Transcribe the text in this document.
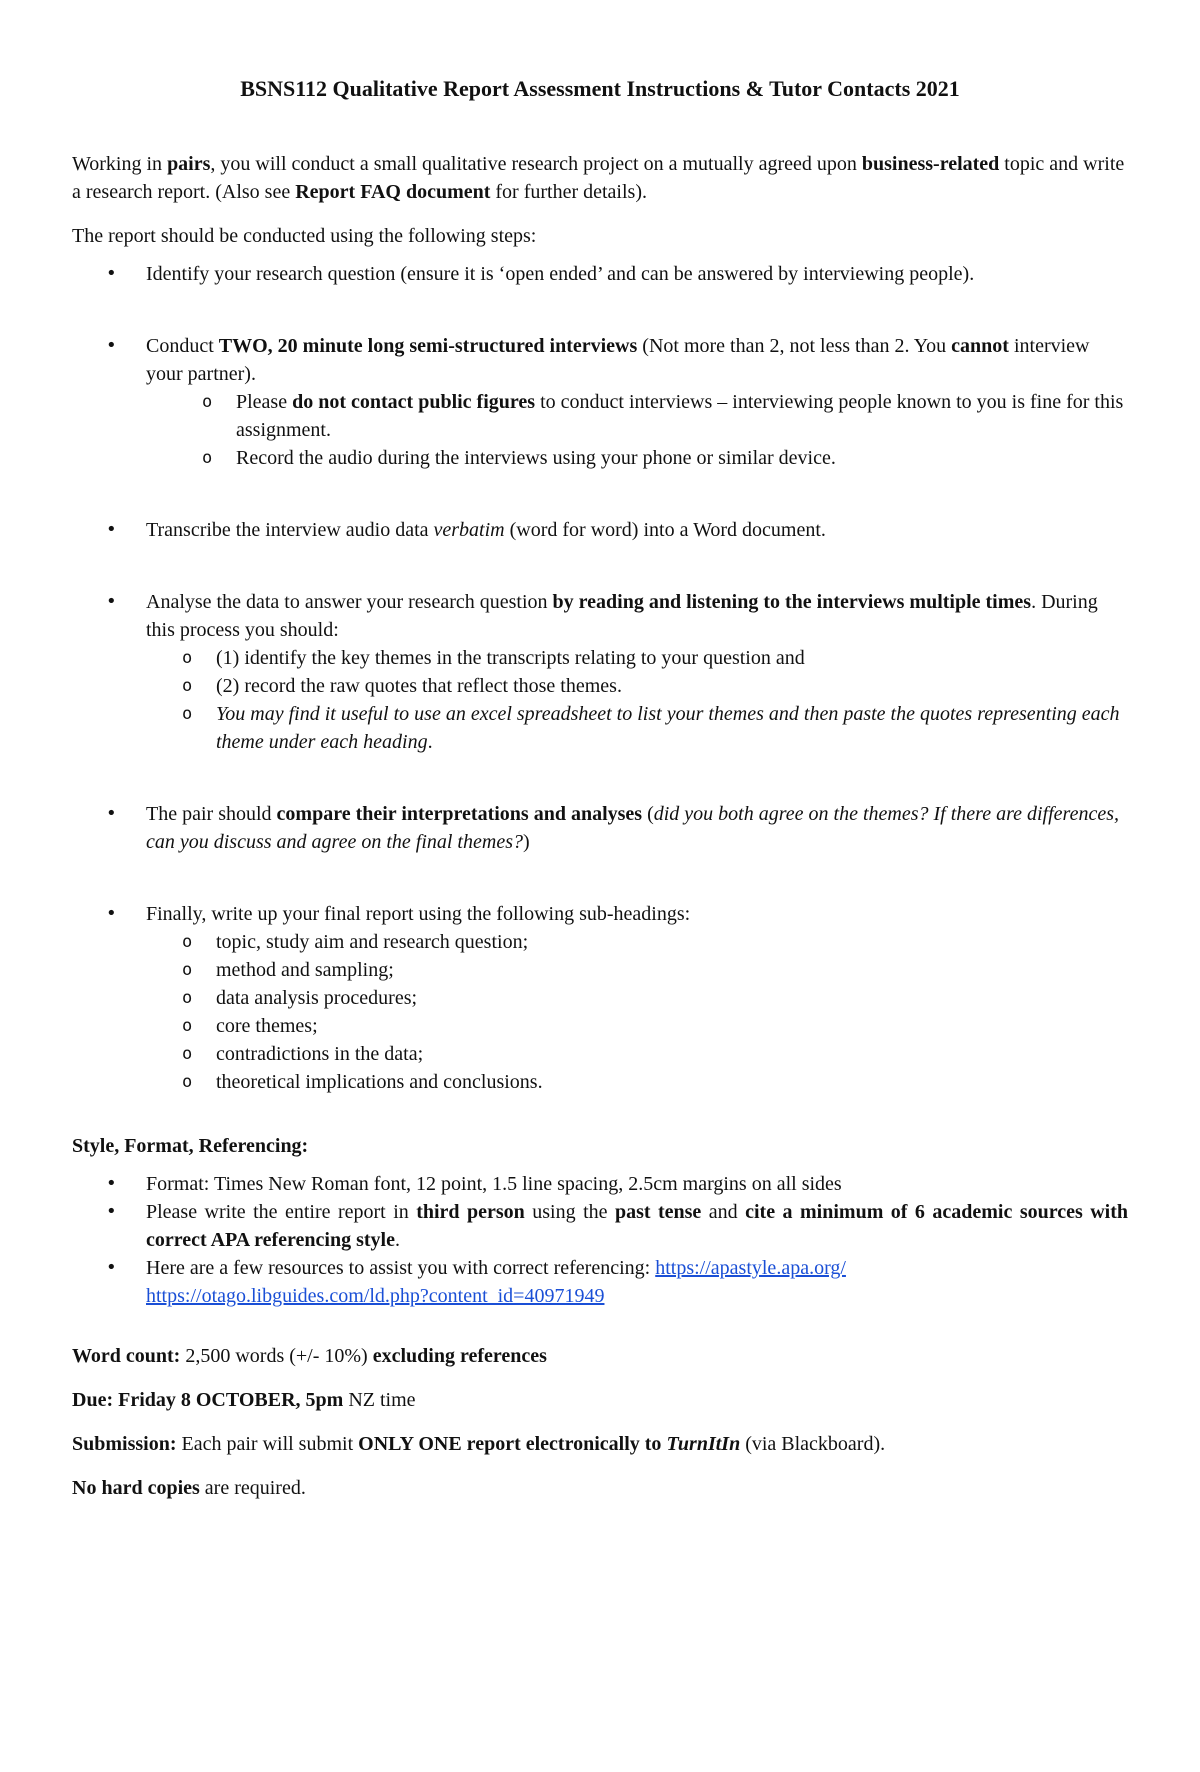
BSNS112 Qualitative Report Assessment Instructions & Tutor Contacts 2021

Working in pairs, you will conduct a small qualitative research project on a mutually agreed upon business-related topic and write a research report. (Also see Report FAQ document for further details).

The report should be conducted using the following steps:

• Identify your research question (ensure it is ‘open ended’ and can be answered by interviewing people).
• Conduct TWO, 20 minute long semi-structured interviews (Not more than 2, not less than 2. You cannot interview your partner).
o Please do not contact public figures to conduct interviews – interviewing people known to you is fine for this assignment.
o Record the audio during the interviews using your phone or similar device.
• Transcribe the interview audio data verbatim (word for word) into a Word document.
• Analyse the data to answer your research question by reading and listening to the interviews multiple times. During this process you should:
o (1) identify the key themes in the transcripts relating to your question and
o (2) record the raw quotes that reflect those themes.
o You may find it useful to use an excel spreadsheet to list your themes and then paste the quotes representing each theme under each heading.
• The pair should compare their interpretations and analyses (did you both agree on the themes? If there are differences, can you discuss and agree on the final themes?)
• Finally, write up your final report using the following sub-headings:
o topic, study aim and research question;
o method and sampling;
o data analysis procedures;
o core themes;
o contradictions in the data;
o theoretical implications and conclusions.

Style, Format, Referencing:

• Format: Times New Roman font, 12 point, 1.5 line spacing, 2.5cm margins on all sides
• Please write the entire report in third person using the past tense and cite a minimum of 6 academic sources with correct APA referencing style.
• Here are a few resources to assist you with correct referencing: https://apastyle.apa.org/
https://otago.libguides.com/ld.php?content_id=40971949

Word count: 2,500 words (+/- 10%) excluding references

Due: Friday 8 OCTOBER, 5pm NZ time

Submission: Each pair will submit ONLY ONE report electronically to TurnItIn (via Blackboard).

No hard copies are required.
